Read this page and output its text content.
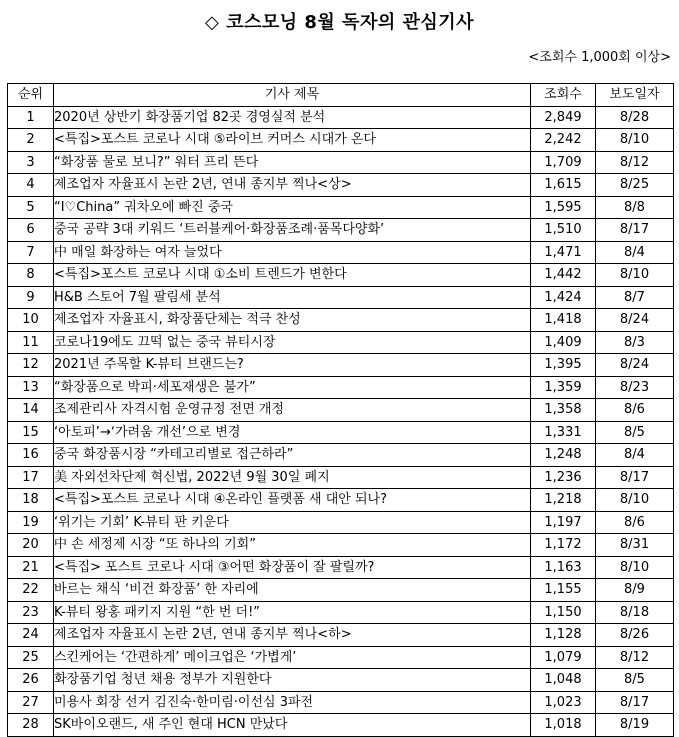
◇ 코스모닝 8월 독자의 관심기사
<조회수 1,000회 이상>
순위	기사 제목	조회수	보도일자
1	2020년 상반기 화장품기업 82곳 경영실적 분석	2,849	8/28
2	<특집>포스트 코로나 시대 ⑤라이브 커머스 시대가 온다	2,242	8/10
3	“화장품 물로 보니?” 워터 프리 뜬다	1,709	8/12
4	제조업자 자율표시 논란 2년, 연내 종지부 찍나<상>	1,615	8/25
5	“I♡China” 궈차오에 빠진 중국	1,595	8/8
6	중국 공략 3대 키워드 ‘트러블케어·화장품조례·품목다양화’	1,510	8/17
7	中 매일 화장하는 여자 늘었다	1,471	8/4
8	<특집>포스트 코로나 시대 ①소비 트렌드가 변한다	1,442	8/10
9	H&B 스토어 7월 팔림세 분석	1,424	8/7
10	제조업자 자율표시, 화장품단체는 적극 찬성	1,418	8/24
11	코로나19에도 끄떡 없는 중국 뷰티시장	1,409	8/3
12	2021년 주목할 K-뷰티 브랜드는?	1,395	8/24
13	“화장품으로 박피·세포재생은 불가”	1,359	8/23
14	조제관리사 자격시험 운영규정 전면 개정	1,358	8/6
15	‘아토피’→‘가려움 개선’으로 변경	1,331	8/5
16	중국 화장품시장 “카테고리별로 접근하라”	1,248	8/4
17	美 자외선차단제 혁신법, 2022년 9월 30일 폐지	1,236	8/17
18	<특집>포스트 코로나 시대 ④온라인 플랫폼 새 대안 되나?	1,218	8/10
19	‘위기는 기회’ K-뷰티 판 키운다	1,197	8/6
20	中 손 세정제 시장 “또 하나의 기회”	1,172	8/31
21	<특집> 포스트 코로나 시대 ③어떤 화장품이 잘 팔릴까?	1,163	8/10
22	바르는 채식 ‘비건 화장품’ 한 자리에	1,155	8/9
23	K-뷰티 왕홍 패키지 지원 “한 번 더!”	1,150	8/18
24	제조업자 자율표시 논란 2년, 연내 종지부 찍나<하>	1,128	8/26
25	스킨케어는 ‘간편하게’ 메이크업은 ‘가볍게’	1,079	8/12
26	화장품기업 청년 채용 정부가 지원한다	1,048	8/5
27	미용사 회장 선거 김진숙·한미림·이선심 3파전	1,023	8/17
28	SK바이오랜드, 새 주인 현대 HCN 만났다	1,018	8/19
